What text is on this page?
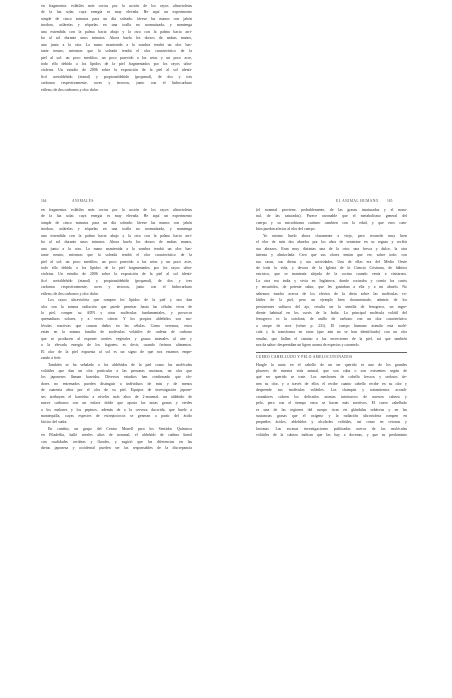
en fragmentos volátiles más cortos por la acción de los rayos ultravioletas
de la luz solar, cuya energía es muy elevada. He aquí un experimento
simple de cinco minutos para un día soleado: lávese las manos con jabón
inodoro, acláreías y séquelas en una toalla no aromatizada, y mantenga
una extendida con la palma hacia abajo y la otra con la palma hacia arri-
ba al sol durante unos minutos. Ahora huela los dorsos de ambas manos,
uno junto a la otra. La mano mantenida a la sombra tendrá un olor bas-
tante neutro, mientras que la soleada tendrá el olor característico de la
piel al sol: un poco metálico, un poco parecido a las setas y un poco acre,
todo ello debido a los lípidos de la piel fragmentados por los rayos ultra-
violetas. Un estudio de 2006 sobre la exposición de la piel al sol identi-
ficó acetaldehído (etanal) y propionaldehído (propanal), de dos y tres
carbonos respectivamente, acres y terrosos, junto con el hidrocarburo
etileno, de dos carbonos y olor dulce.
164	ANIMALES	EL ANIMAL HUMANO 165
en fragmentos volátiles más cortos por la acción de los rayos ultravioletas
de la luz solar, cuya energía es muy elevada. He aquí un experimento
simple de cinco minutos para un día soleado: lávese las manos con jabón
inodoro, aclárelas y séquelas en una toalla no aromatizada, y mantenga
una extendida con la palma hacia abajo y la otra con la palma hacia arri-
ba al sol durante unos minutos. Ahora huela los dorsos de ambas manos,
una junto a la otra. La mano mantenida a la sombra tendrá un olor bas-
tante neutro, mientras que la soleada tendrá el olor característico de la
piel al sol: un poco metálico, un poco parecido a las setas y un poco acre,
todo ello debido a los lípidos de la piel fragmentados por los rayos ultra-
violetas. Un estudio de 2006 sobre la exposición de la piel al sol identi-
ficó acetaldehído (etanal) y propionaldehído (propanal), de dos y tres
carbonos respectivamente, acres y terrosos, junto con el hidrocarburo
etileno, de dos carbonos y olor dulce.
Los rayos ultravioleta que rompen los lípidos de la piel y nos dan
olor son la misma radiación que puede penetrar hasta las células vivas de
la piel, romper su ADN y otras moléculas fundamentales, y provocar
quemaduras solares, y a veces cáncer. Y los propios aldehídos son mo-
léculas reactivas que causan daños en las células. Como veremos, estos
están en la misma familia de moléculas volátiles de cadena de carbono
que se producen al exponer aceites vegetales y grasas animales al aire y
a la elevada energía de los fogones; es decir, cuando freímos alimentos.
El olor de la piel expuesta al sol es un signo de que nos estamos empe-
zando a freír.
También se ha señalado a los aldehídos de la piel como las moléculas
volátiles que dan un olor particular a las personas ancianas, un olor que
los japoneses llaman kareishu. Diversos estudios han confirmado que olo-
dores no entrenados pueden distinguir a individuos de más y de menos
de cuarenta años por el olor de su piel. Equipos de investigación japone-
ses atribuyen el kareishu a niveles más altos de 2-nonenal, un aldehído de
nueve carbonos con un enlace doble que aporta las notas grasas y verdes
a los melones y los pepinos, además de a la cerveza duccrida, que huele a
mantequilla, cuyas especies de estreptococos se generan a partir del ácido
láctico del sudor.
En cambio, un grupo del Centro Monell para los Sentidos Químicos
en Filadelfia, halló niveles altos de nonanal, el aldehído de cadena lineal
con cualidades cerúleas y florales, y sugirió que las diferencias en las
dietas japonesa y occidental pueden ser las responsables de la discrepancia
(el nonenal proviene, probablemente, de las grasas insaturadas y el nona-
nal, de las saturadas). Parece razonable que el metabolismo general del
cuerpo y su microbioma cutáneo cambien con la edad, y que esos cam-
bios puedan afectar al olor del cuerpo.
Yo mismo huelo ahora claramente a viejo, pero recuerdo muy bien
el olor de más dos abuelos por los años de sentarme en su regazo y recibir
sus abrazos. Eran muy distintas una de la otra: una fresca y dulce, la otra
intensa y almizclada. Creo que sus olores tenían que ver, sobre todo, con
sus casas, sus dietas y sus actividades. Una de ellas era del Medio Oeste
de toda la vida, y devota de la Iglesia de la Ciencia Cristiana, de hábitos
estrictos, que se mantenía alejada de la cocina cuando venía a visitarnos.
La otra era india y vivía en Inglaterra, donde cocinaba y comía los curris
y encurtidos, de potente sabor, que les gustaban a ella y a mi abuelo. No
sabemos mucho acerca de los efectos de la dieta sobre las moléculas vo-
látiles de la piel, pero un ejemplo bien documentado, además de los
persistentes sulfuros del ajo, resulta ser la semilla de fenogreco, un ingre-
diente habitual en los curris de la India. La principal molécula volátil del
fenogreco es la sotolona, de anillo de carbono con un olor característico
a sirope de arce (véase p. 231). El cuerpo humano asimila esta molé-
cula y la transforma en otras (que aún no se han identificado) con un olor
similar, que hallan el camino a las secreciones de la piel, así que también
nos da sabor: desprendían un ligero aroma de especias y caramelo.
Hurgle la nariz en el cabello de un ser querido es uno de los grandes
placeres de nuestra vida animal, que son cuba o son existentes según de
qué ser querido se trate. Los mechones de cabello frescos y sedosos tie-
nen su olor, y a través de ellos el recibe cuanto cabello recibe en su olor y
desprende sus moléculas volátiles. Los champús y tratamientos acondi-
cionadores cubren los delicados aromas intrínsecos de nuestra cabeza y
pelo, pero con el tiempo estos se hacen más asertivos. El cuero cabelludo
es una de las regiones del cuerpo ricas en glándulas sebáceas y en las
sustancias grasas que el oxígeno y la radiación ultravioleta rompen en
pequeños ácidos, aldehídos y alcoholes volátiles, así como en cetonas y
lactonas. Las escasas investigaciones publicadas acerca de las moléculas
volátiles de la cabeza indican que las hay a docenas, y que su predominio
CUERO CABELLUDO Y PELO AMELOCOTONADOS
